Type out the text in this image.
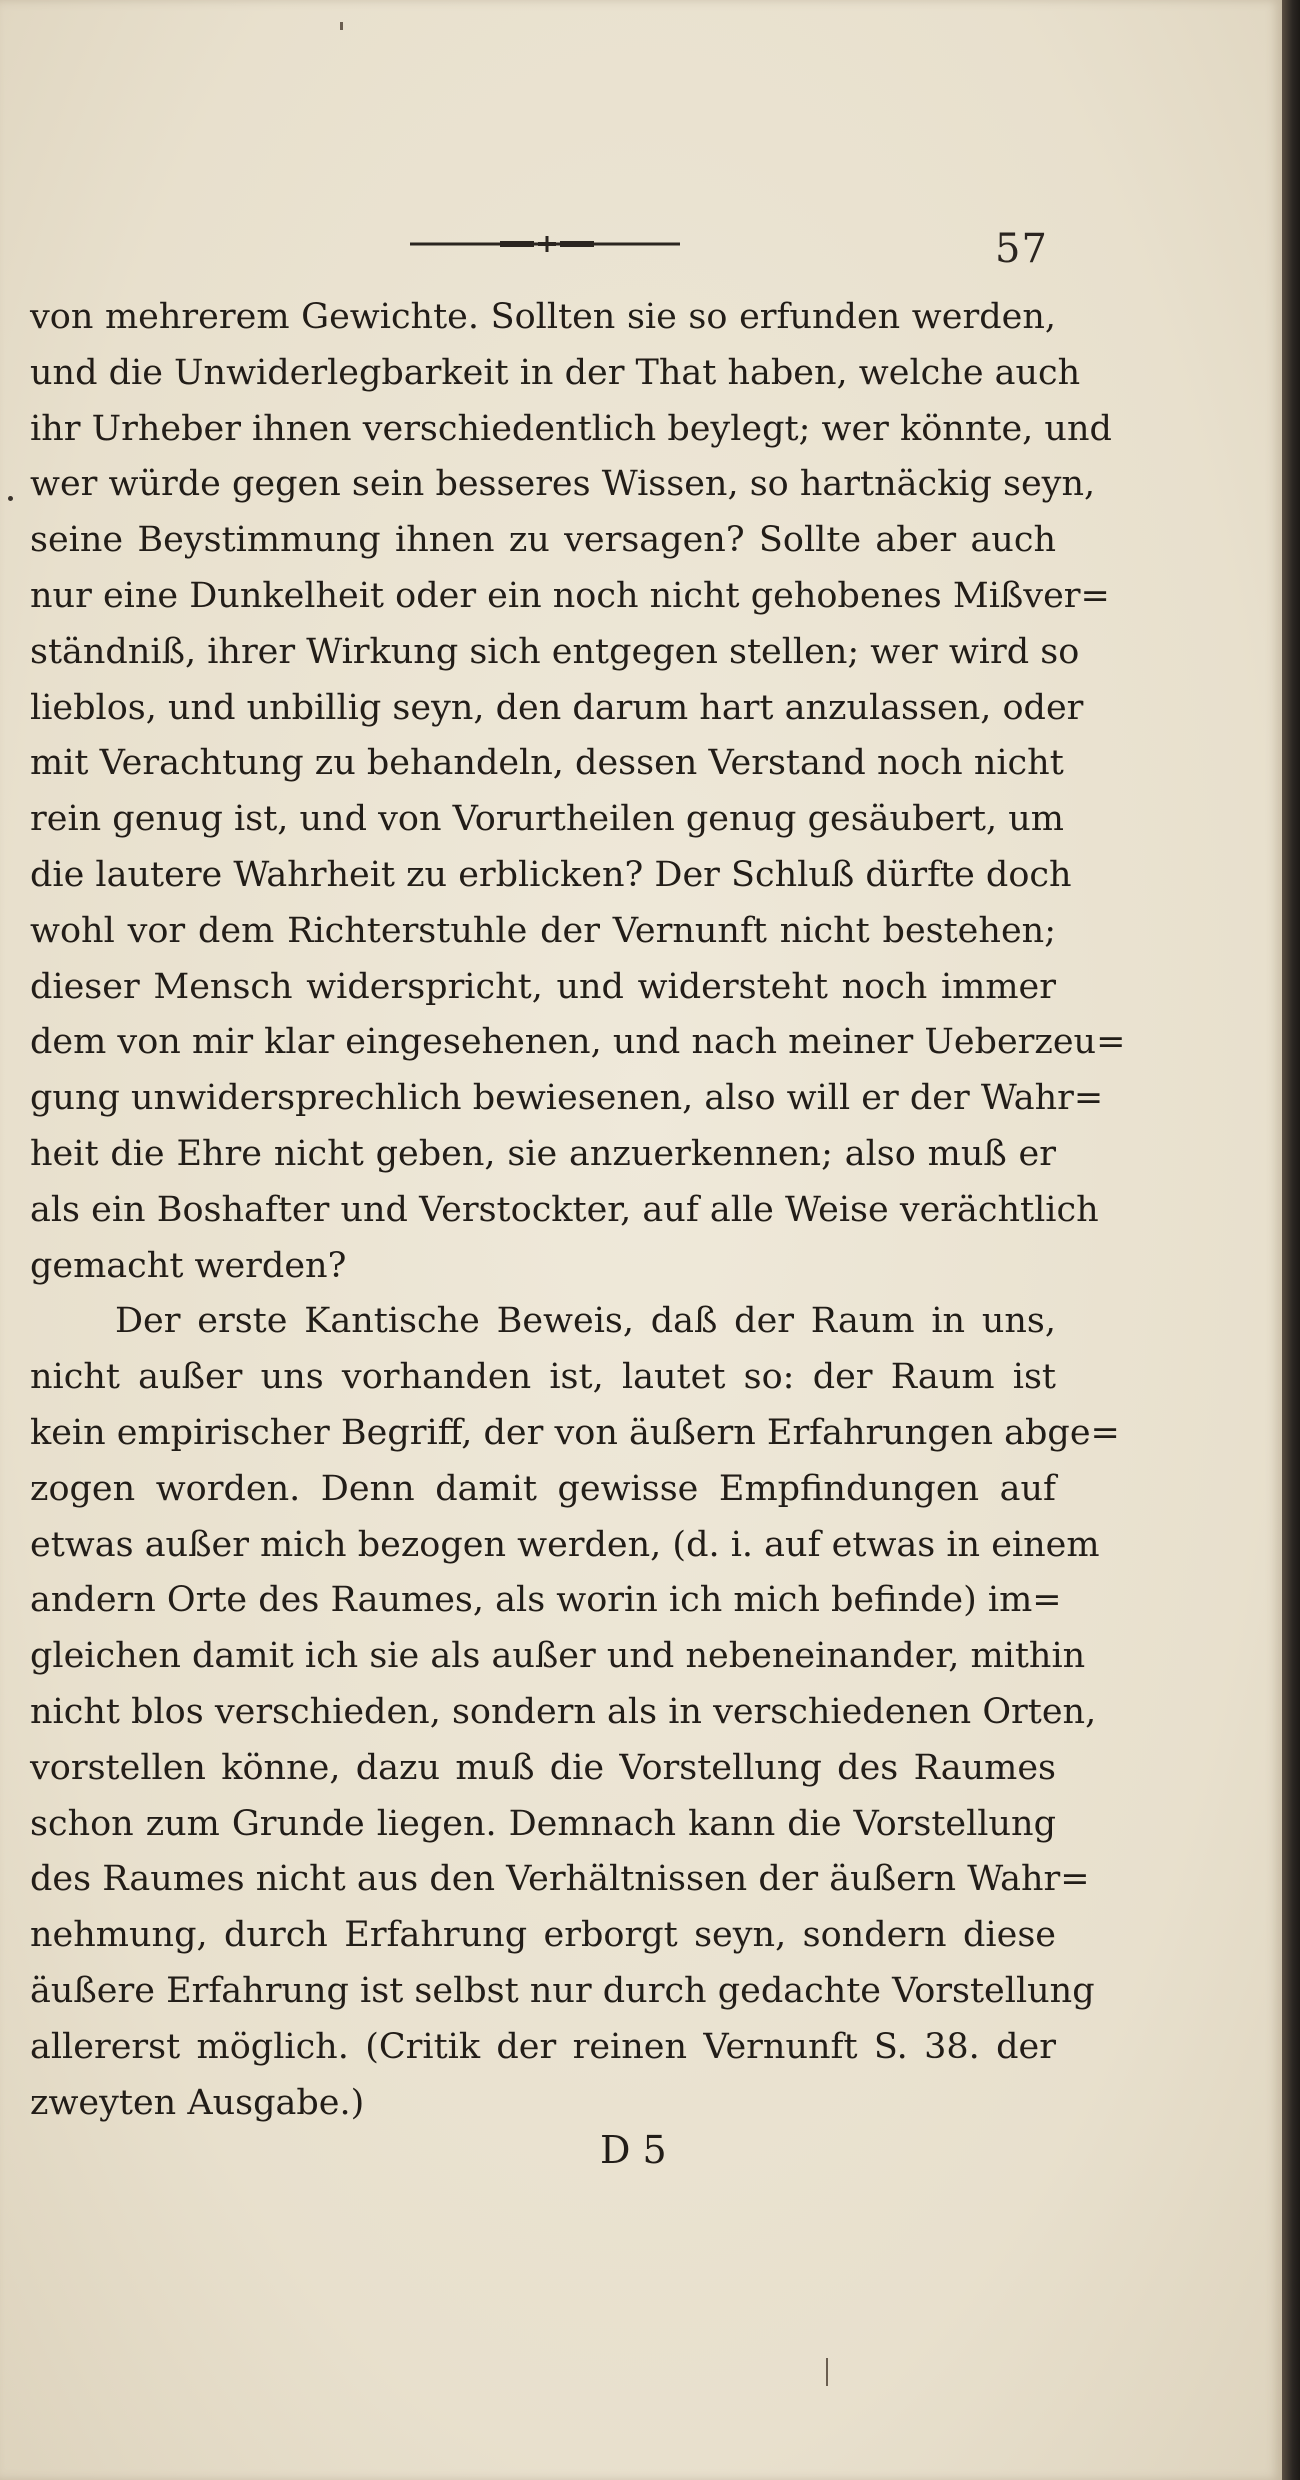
57
von mehrerem Gewichte. Sollten sie so erfunden werden,
und die Unwiderlegbarkeit in der That haben, welche auch
ihr Urheber ihnen verschiedentlich beylegt; wer könnte, und
wer würde gegen sein besseres Wissen, so hartnäckig seyn,
seine Beystimmung ihnen zu versagen? Sollte aber auch
nur eine Dunkelheit oder ein noch nicht gehobenes Mißver=
ständniß, ihrer Wirkung sich entgegen stellen; wer wird so
lieblos, und unbillig seyn, den darum hart anzulassen, oder
mit Verachtung zu behandeln, dessen Verstand noch nicht
rein genug ist, und von Vorurtheilen genug gesäubert, um
die lautere Wahrheit zu erblicken? Der Schluß dürfte doch
wohl vor dem Richterstuhle der Vernunft nicht bestehen;
dieser Mensch widerspricht, und widersteht noch immer
dem von mir klar eingesehenen, und nach meiner Ueberzeu=
gung unwidersprechlich bewiesenen, also will er der Wahr=
heit die Ehre nicht geben, sie anzuerkennen; also muß er
als ein Boshafter und Verstockter, auf alle Weise verächtlich
gemacht werden?
Der erste Kantische Beweis, daß der Raum in uns,
nicht außer uns vorhanden ist, lautet so: der Raum ist
kein empirischer Begriff, der von äußern Erfahrungen abge=
zogen worden. Denn damit gewisse Empfindungen auf
etwas außer mich bezogen werden, (d. i. auf etwas in einem
andern Orte des Raumes, als worin ich mich befinde) im=
gleichen damit ich sie als außer und nebeneinander, mithin
nicht blos verschieden, sondern als in verschiedenen Orten,
vorstellen könne, dazu muß die Vorstellung des Raumes
schon zum Grunde liegen. Demnach kann die Vorstellung
des Raumes nicht aus den Verhältnissen der äußern Wahr=
nehmung, durch Erfahrung erborgt seyn, sondern diese
äußere Erfahrung ist selbst nur durch gedachte Vorstellung
allererst möglich. (Critik der reinen Vernunft S. 38. der
zweyten Ausgabe.)
D 5
